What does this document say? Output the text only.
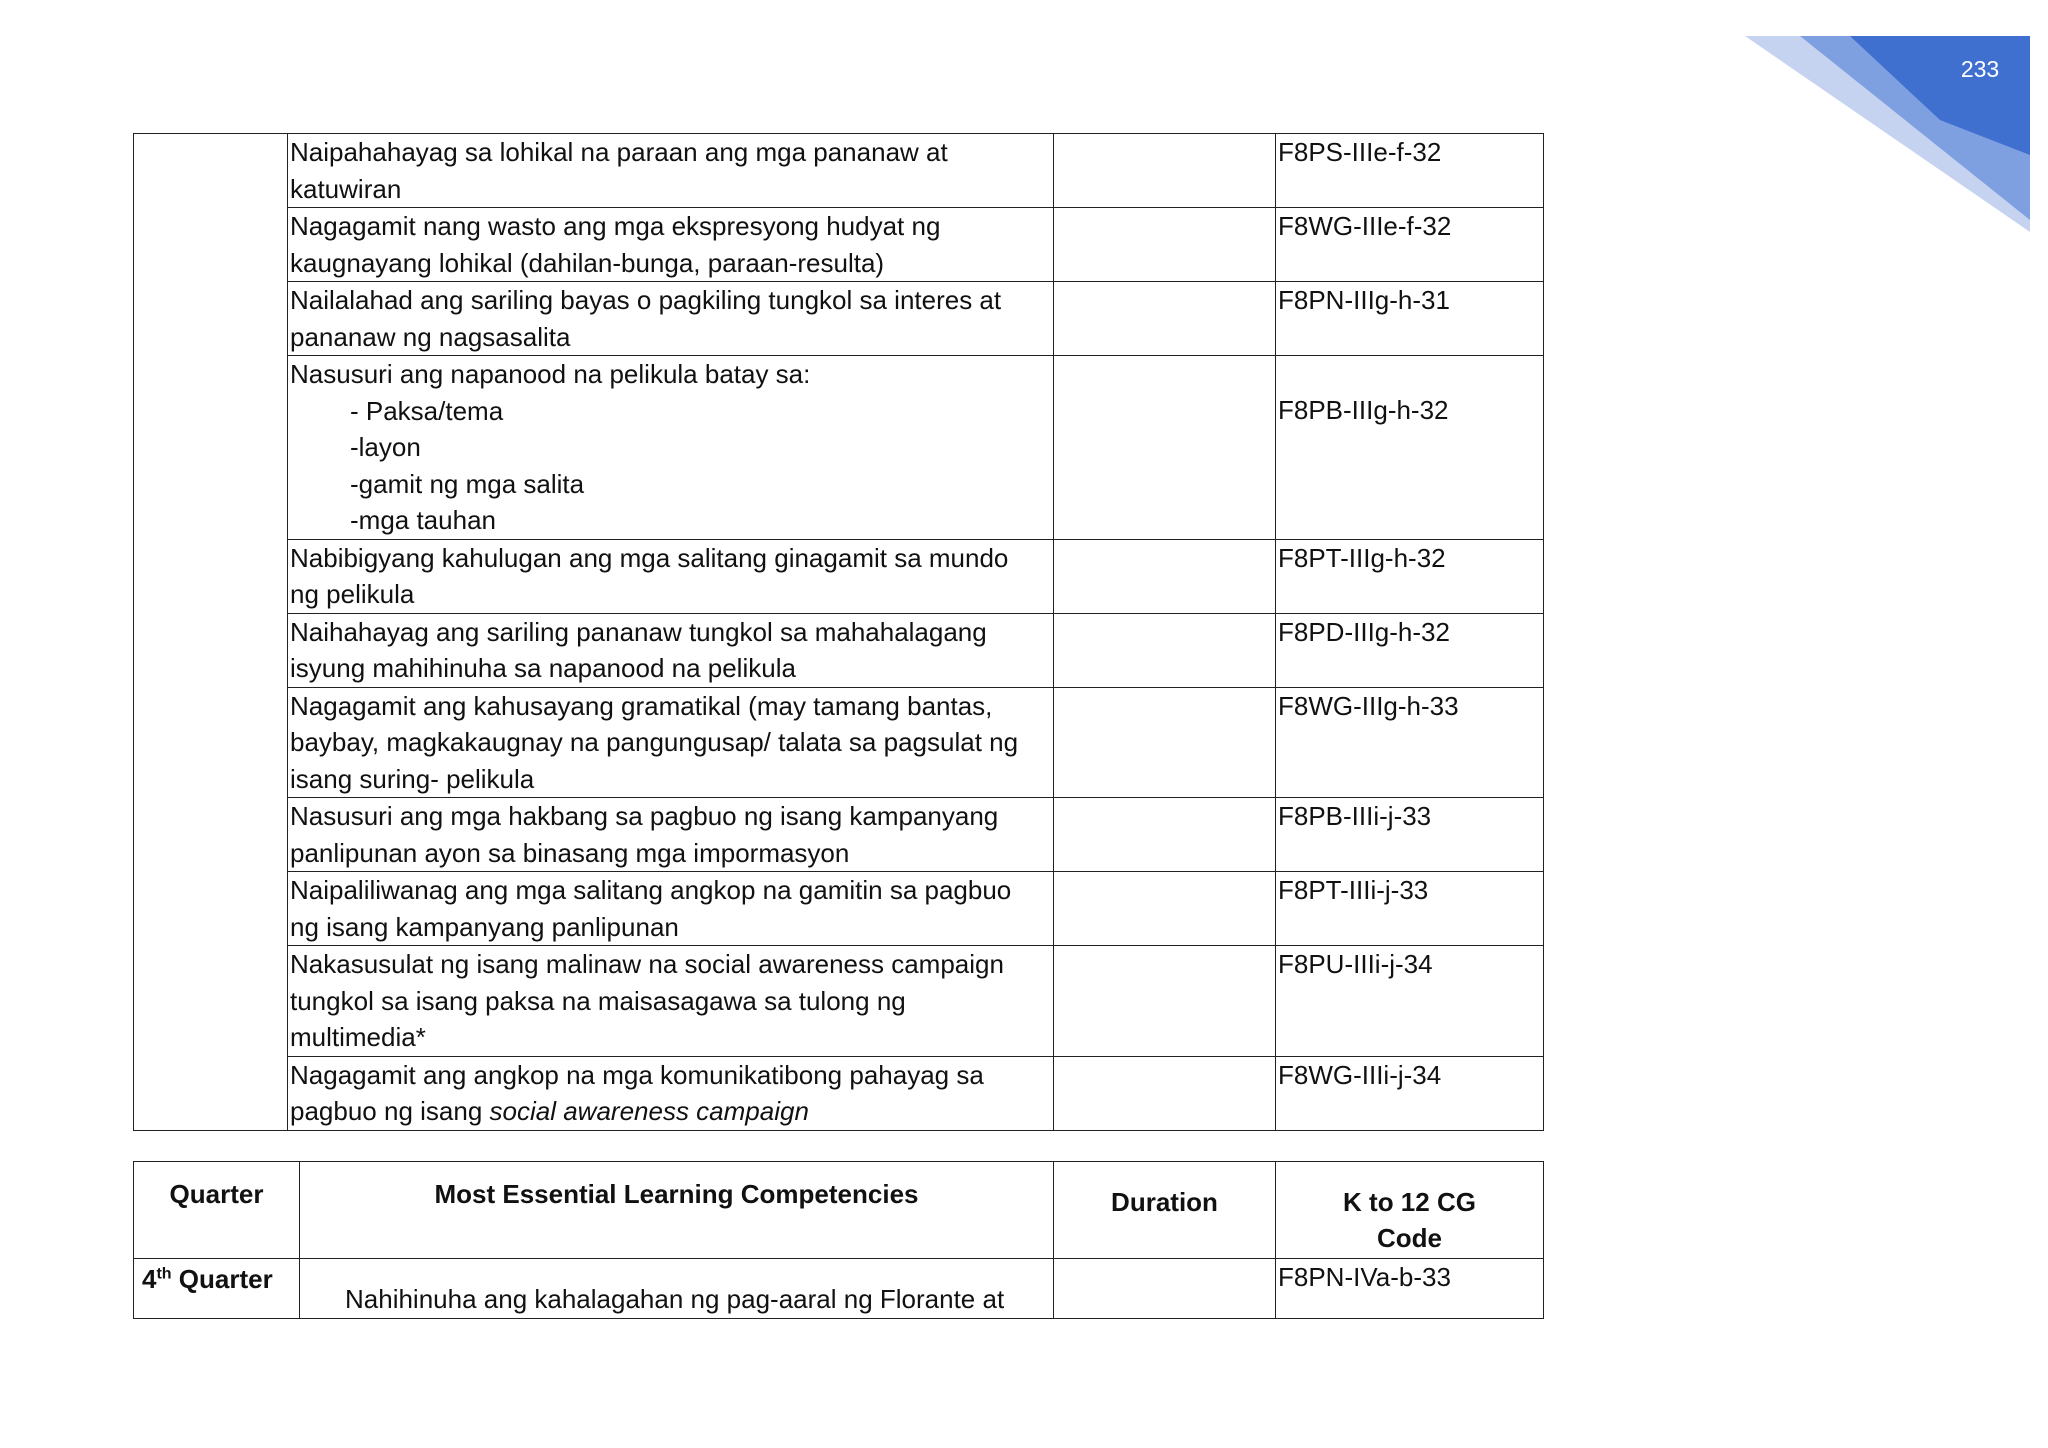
233

	Naipahahayag sa lohikal na paraan ang mga pananaw at
katuwiran		F8PS-IIIe-f-32

	Nagagamit nang wasto ang mga ekspresyong hudyat ng
kaugnayang lohikal (dahilan-bunga, paraan-resulta)		F8WG-IIIe-f-32

	Nailalahad ang sariling bayas o pagkiling tungkol sa interes at
pananaw ng nagsasalita		F8PN-IIIg-h-31

	Nasusuri ang napanood na pelikula batay sa:
- Paksa/tema
-layon
-gamit ng mga salita
-mga tauhan		F8PB-IIIg-h-32

	Nabibigyang kahulugan ang mga salitang ginagamit sa mundo
ng pelikula		F8PT-IIIg-h-32

	Naihahayag ang sariling pananaw tungkol sa mahahalagang
isyung mahihinuha sa napanood na pelikula		F8PD-IIIg-h-32

	Nagagamit ang kahusayang gramatikal (may tamang bantas,
baybay, magkakaugnay na pangungusap/ talata sa pagsulat ng
isang suring- pelikula		F8WG-IIIg-h-33

	Nasusuri ang mga hakbang sa pagbuo ng isang kampanyang
panlipunan ayon sa binasang mga impormasyon		F8PB-IIIi-j-33

	Naipaliliwanag ang mga salitang angkop na gamitin sa pagbuo
ng isang kampanyang panlipunan		F8PT-IIIi-j-33

	Nakasusulat ng isang malinaw na social awareness campaign
tungkol sa isang paksa na maisasagawa sa tulong ng
multimedia*		F8PU-IIIi-j-34

	Nagagamit ang angkop na mga komunikatibong pahayag sa
pagbuo ng isang social awareness campaign		F8WG-IIIi-j-34
Quarter	Most Essential Learning Competencies	Duration	K to 12 CG
Code

4th Quarter	Nahihinuha ang kahalagahan ng pag-aaral ng Florante at		F8PN-IVa-b-33
